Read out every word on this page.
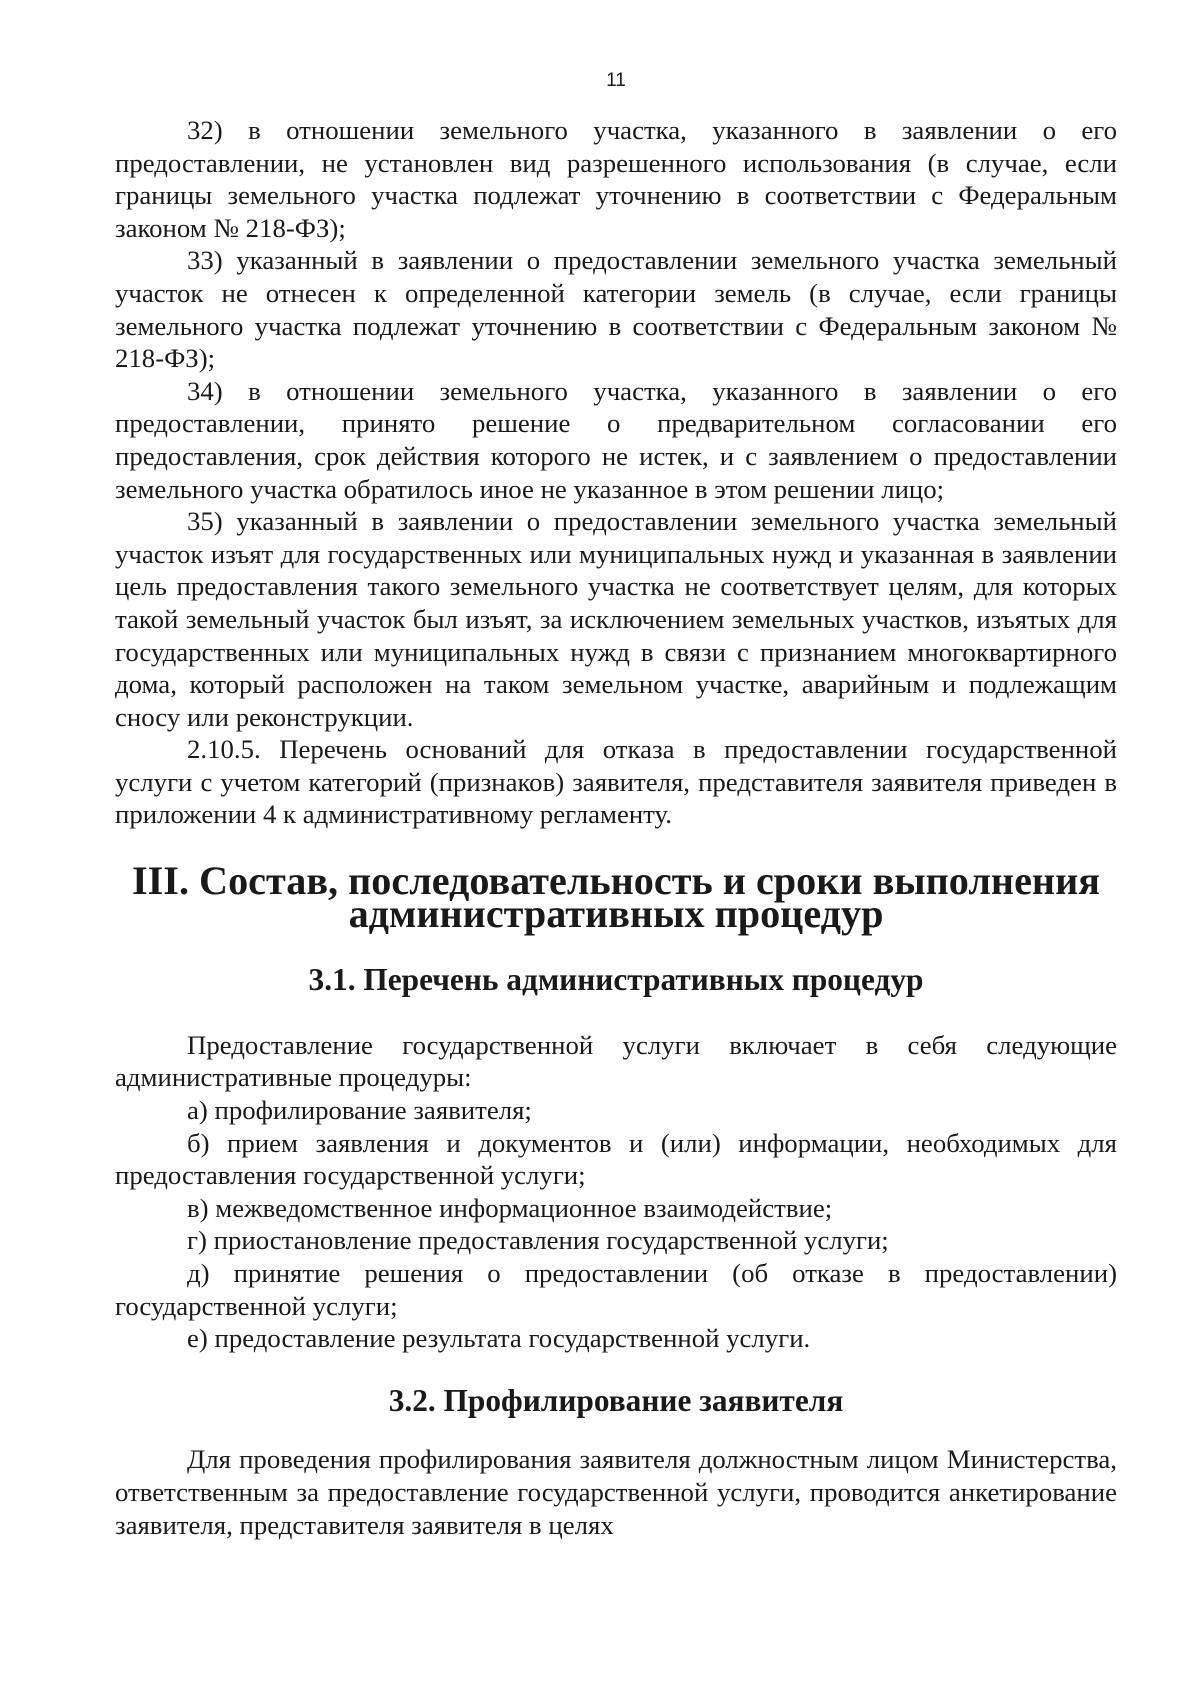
11

32) в отношении земельного участка, указанного в заявлении о его предоставлении, не установлен вид разрешенного использования (в случае, если границы земельного участка подлежат уточнению в соответствии с Федеральным законом № 218-ФЗ);

33) указанный в заявлении о предоставлении земельного участка земельный участок не отнесен к определенной категории земель (в случае, если границы земельного участка подлежат уточнению в соответствии с Федеральным законом № 218-ФЗ);

34) в отношении земельного участка, указанного в заявлении о его предоставлении, принято решение о предварительном согласовании его предоставления, срок действия которого не истек, и с заявлением о предоставлении земельного участка обратилось иное не указанное в этом решении лицо;

35) указанный в заявлении о предоставлении земельного участка земельный участок изъят для государственных или муниципальных нужд и указанная в заявлении цель предоставления такого земельного участка не соответствует целям, для которых такой земельный участок был изъят, за исключением земельных участков, изъятых для государственных или муниципальных нужд в связи с признанием многоквартирного дома, который расположен на таком земельном участке, аварийным и подлежащим сносу или реконструкции.

2.10.5. Перечень оснований для отказа в предоставлении государственной услуги с учетом категорий (признаков) заявителя, представителя заявителя приведен в приложении 4 к административному регламенту.

III. Состав, последовательность и сроки выполнения
административных процедур
3.1. Перечень административных процедур

Предоставление государственной услуги включает в себя следующие административные процедуры:

а) профилирование заявителя;

б) прием заявления и документов и (или) информации, необходимых для предоставления государственной услуги;

в) межведомственное информационное взаимодействие;

г) приостановление предоставления государственной услуги;

д) принятие решения о предоставлении (об отказе в предоставлении) государственной услуги;

е) предоставление результата государственной услуги.

3.2. Профилирование заявителя

Для проведения профилирования заявителя должностным лицом Министерства, ответственным за предоставление государственной услуги, проводится анкетирование заявителя, представителя заявителя в целях
